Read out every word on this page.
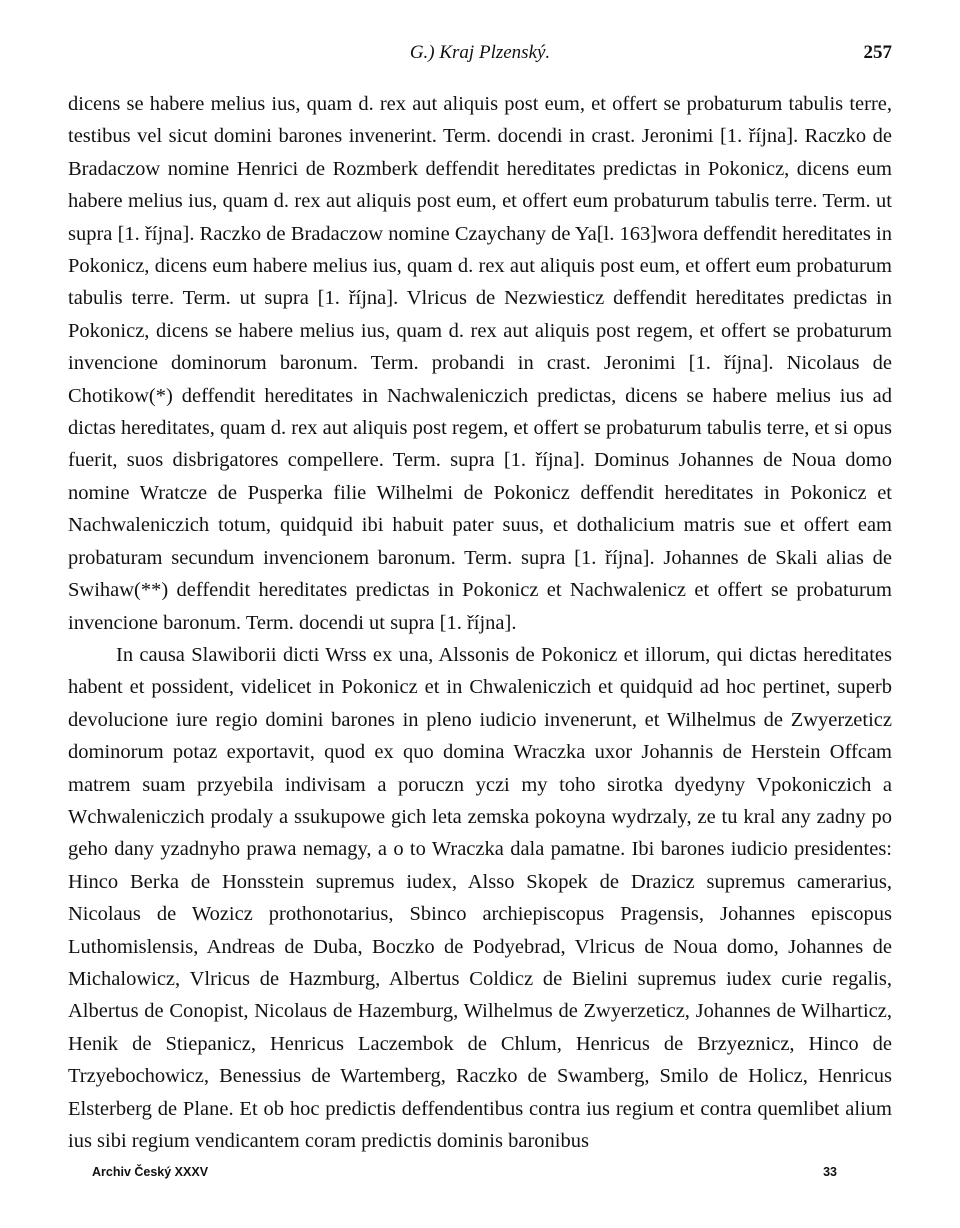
G.) Kraj Plzenský.	257

dicens se habere melius ius, quam d. rex aut aliquis post eum, et offert se probaturum tabulis terre, testibus vel sicut domini barones invenerint. Term. docendi in crast. Jeronimi [1. října]. Raczko de Bradaczow nomine Henrici de Rozmberk deffendit hereditates predictas in Pokonicz, dicens eum habere melius ius, quam d. rex aut aliquis post eum, et offert eum probaturum tabulis terre. Term. ut supra [1. října]. Raczko de Bradaczow nomine Czaychany de Ya[l. 163]wora deffendit hereditates in Pokonicz, dicens eum habere melius ius, quam d. rex aut aliquis post eum, et offert eum probaturum tabulis terre. Term. ut supra [1. října]. Vlricus de Nezwiesticz deffendit hereditates predictas in Pokonicz, dicens se habere melius ius, quam d. rex aut aliquis post regem, et offert se probaturum invencione dominorum baronum. Term. probandi in crast. Jeronimi [1. října]. Nicolaus de Chotikow(*) deffendit hereditates in Nachwaleniczich predictas, dicens se habere melius ius ad dictas hereditates, quam d. rex aut aliquis post regem, et offert se probaturum tabulis terre, et si opus fuerit, suos disbrigatores compellere. Term. supra [1. října]. Dominus Johannes de Noua domo nomine Wratcze de Pusperka filie Wilhelmi de Pokonicz deffendit hereditates in Pokonicz et Nachwaleniczich totum, quidquid ibi habuit pater suus, et dothalicium matris sue et offert eam probaturam secundum invencionem baronum. Term. supra [1. října]. Johannes de Skali alias de Swihaw(**) deffendit hereditates predictas in Pokonicz et Nachwalenicz et offert se probaturum invencione baronum. Term. docendi ut supra [1. října].

In causa Slawiborii dicti Wrss ex una, Alssonis de Pokonicz et illorum, qui dictas hereditates habent et possident, videlicet in Pokonicz et in Chwaleniczich et quidquid ad hoc pertinet, superb devolucione iure regio domini barones in pleno iudicio invenerunt, et Wilhelmus de Zwyerzeticz dominorum potaz exportavit, quod ex quo domina Wraczka uxor Johannis de Herstein Offcam matrem suam przyebila indivisam a poruczn yczi my toho sirotka dyedyny Vpokoniczich a Wchwaleniczich prodaly a ssukupowe gich leta zemska pokoyna wydrzaly, ze tu kral any zadny po geho dany yzadnyho prawa nemagy, a o to Wraczka dala pamatne. Ibi barones iudicio presidentes: Hinco Berka de Honsstein supremus iudex, Alsso Skopek de Drazicz supremus camerarius, Nicolaus de Wozicz prothonotarius, Sbinco archiepiscopus Pragensis, Johannes episcopus Luthomislensis, Andreas de Duba, Boczko de Podyebrad, Vlricus de Noua domo, Johannes de Michalowicz, Vlricus de Hazmburg, Albertus Coldicz de Bielini supremus iudex curie regalis, Albertus de Conopist, Nicolaus de Hazemburg, Wilhelmus de Zwyerzeticz, Johannes de Wilharticz, Henik de Stiepanicz, Henricus Laczembok de Chlum, Henricus de Brzyeznicz, Hinco de Trzyebochowicz, Benessius de Wartemberg, Raczko de Swamberg, Smilo de Holicz, Henricus Elsterberg de Plane. Et ob hoc predictis deffendentibus contra ius regium et contra quemlibet alium ius sibi regium vendicantem coram predictis dominis baronibus

Archiv Český XXXV	33
